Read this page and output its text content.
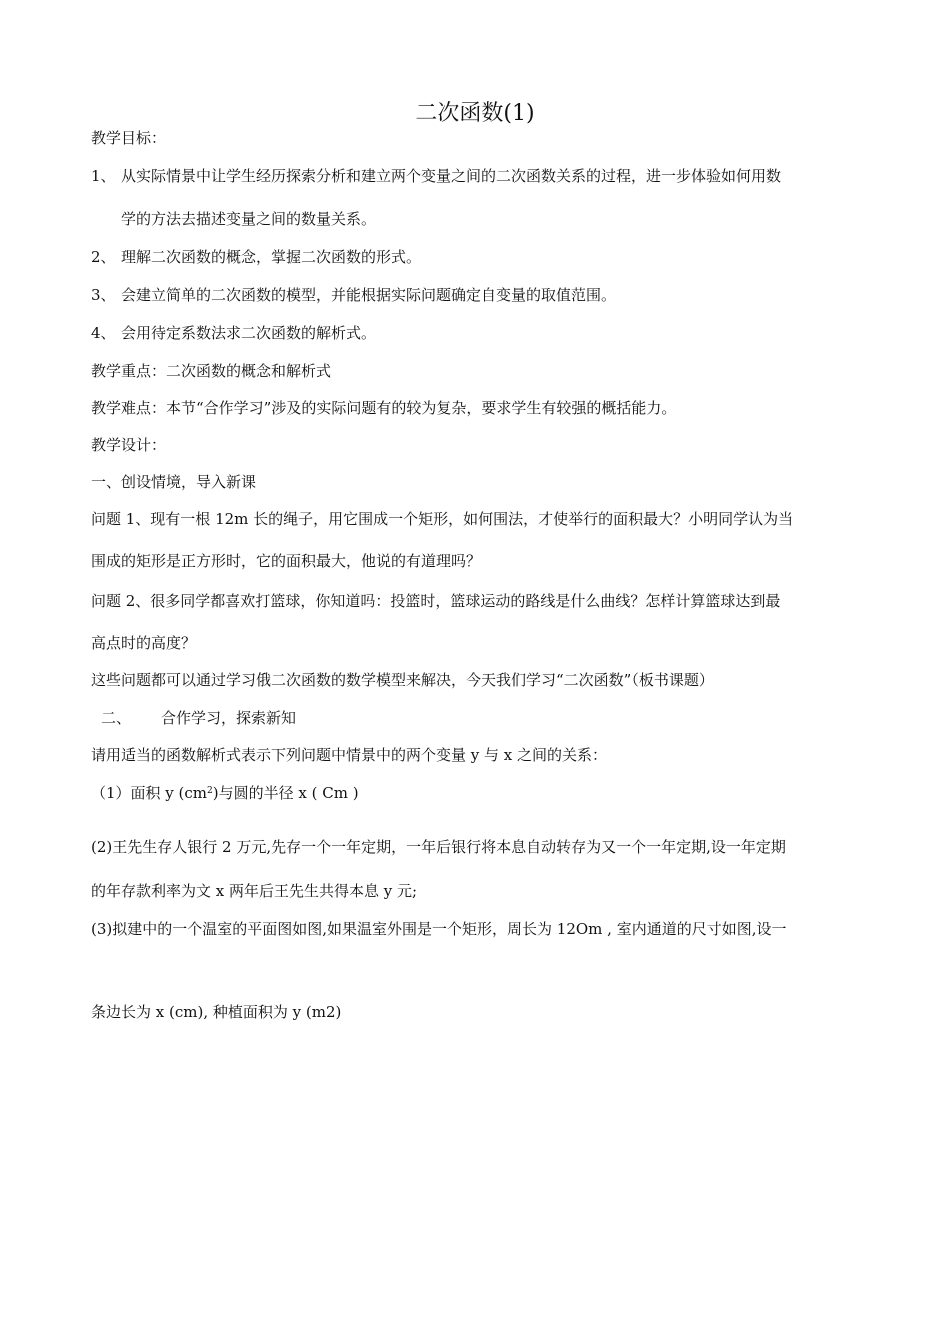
二次函数(1)
教学目标：
1、 从实际情景中让学生经历探索分析和建立两个变量之间的二次函数关系的过程，进一步体验如何用数
学的方法去描述变量之间的数量关系。
2、 理解二次函数的概念，掌握二次函数的形式。
3、 会建立简单的二次函数的模型，并能根据实际问题确定自变量的取值范围。
4、 会用待定系数法求二次函数的解析式。
教学重点：二次函数的概念和解析式
教学难点：本节“合作学习”涉及的实际问题有的较为复杂，要求学生有较强的概括能力。
教学设计：
一、创设情境，导入新课
问题 1、现有一根 12m 长的绳子，用它围成一个矩形，如何围法，才使举行的面积最大？小明同学认为当
围成的矩形是正方形时，它的面积最大，他说的有道理吗？
问题 2、很多同学都喜欢打篮球，你知道吗：投篮时，篮球运动的路线是什么曲线？怎样计算篮球达到最
高点时的高度？
这些问题都可以通过学习俄二次函数的数学模型来解决，今天我们学习“二次函数”（板书课题）
二、 合作学习，探索新知
请用适当的函数解析式表示下列问题中情景中的两个变量 y 与 x 之间的关系：
（1）面积 y $(cm^2)$与圆的半径 x ( Cm )
(2)王先生存人银行 2 万元,先存一个一年定期，一年后银行将本息自动转存为又一个一年定期,设一年定期
的年存款利率为文 x 两年后王先生共得本息 y 元;
(3)拟建中的一个温室的平面图如图,如果温室外围是一个矩形，周长为 12Om , 室内通道的尺寸如图,设一
条边长为 x (cm), 种植面积为 y (m2)
